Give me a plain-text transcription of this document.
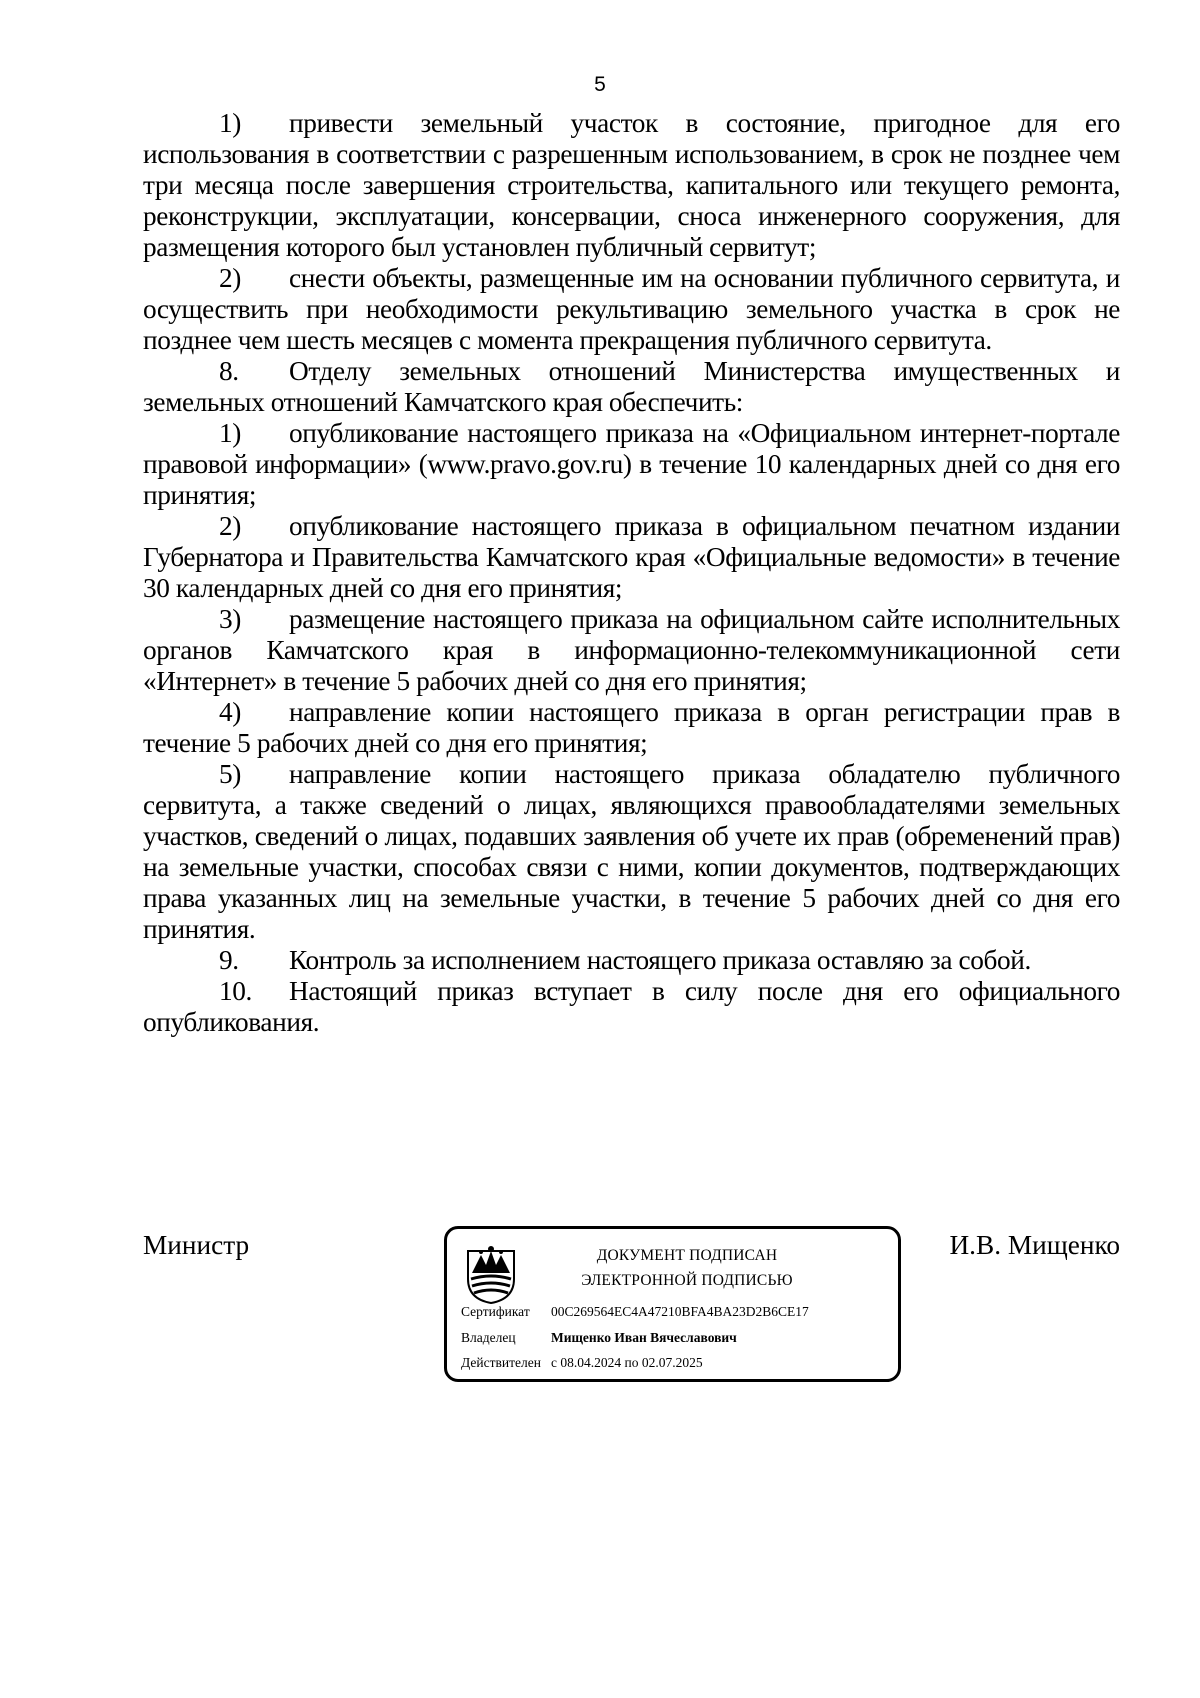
5

1) привести земельный участок в состояние, пригодное для его использования в соответствии с разрешенным использованием, в срок не позднее чем три месяца после завершения строительства, капитального или текущего ремонта, реконструкции, эксплуатации, консервации, сноса инженерного сооружения, для размещения которого был установлен публичный сервитут;

2) снести объекты, размещенные им на основании публичного сервитута, и осуществить при необходимости рекультивацию земельного участка в срок не позднее чем шесть месяцев с момента прекращения публичного сервитута.

8. Отделу земельных отношений Министерства имущественных и земельных отношений Камчатского края обеспечить:

1) опубликование настоящего приказа на «Официальном интернет-портале правовой информации» (www.pravo.gov.ru) в течение 10 календарных дней со дня его принятия;

2) опубликование настоящего приказа в официальном печатном издании Губернатора и Правительства Камчатского края «Официальные ведомости» в течение 30 календарных дней со дня его принятия;

3) размещение настоящего приказа на официальном сайте исполнительных органов Камчатского края в информационно-телекоммуникационной сети «Интернет» в течение 5 рабочих дней со дня его принятия;

4) направление копии настоящего приказа в орган регистрации прав в течение 5 рабочих дней со дня его принятия;

5) направление копии настоящего приказа обладателю публичного сервитута, а также сведений о лицах, являющихся правообладателями земельных участков, сведений о лицах, подавших заявления об учете их прав (обременений прав) на земельные участки, способах связи с ними, копии документов, подтверждающих права указанных лиц на земельные участки, в течение 5 рабочих дней со дня его принятия.

9. Контроль за исполнением настоящего приказа оставляю за собой.

10. Настоящий приказ вступает в силу после дня его официального опубликования.

Министр	ДОКУМЕНТ ПОДПИСАН
ЭЛЕКТРОННОЙ ПОДПИСЬЮ
Сертификат 00C269564EC4A47210BFA4BA23D2B6CE17
Владелец	Мищенко Иван Вячеславович
Действителен с 08.04.2024 по 02.07.2025
И.В. Мищенко
